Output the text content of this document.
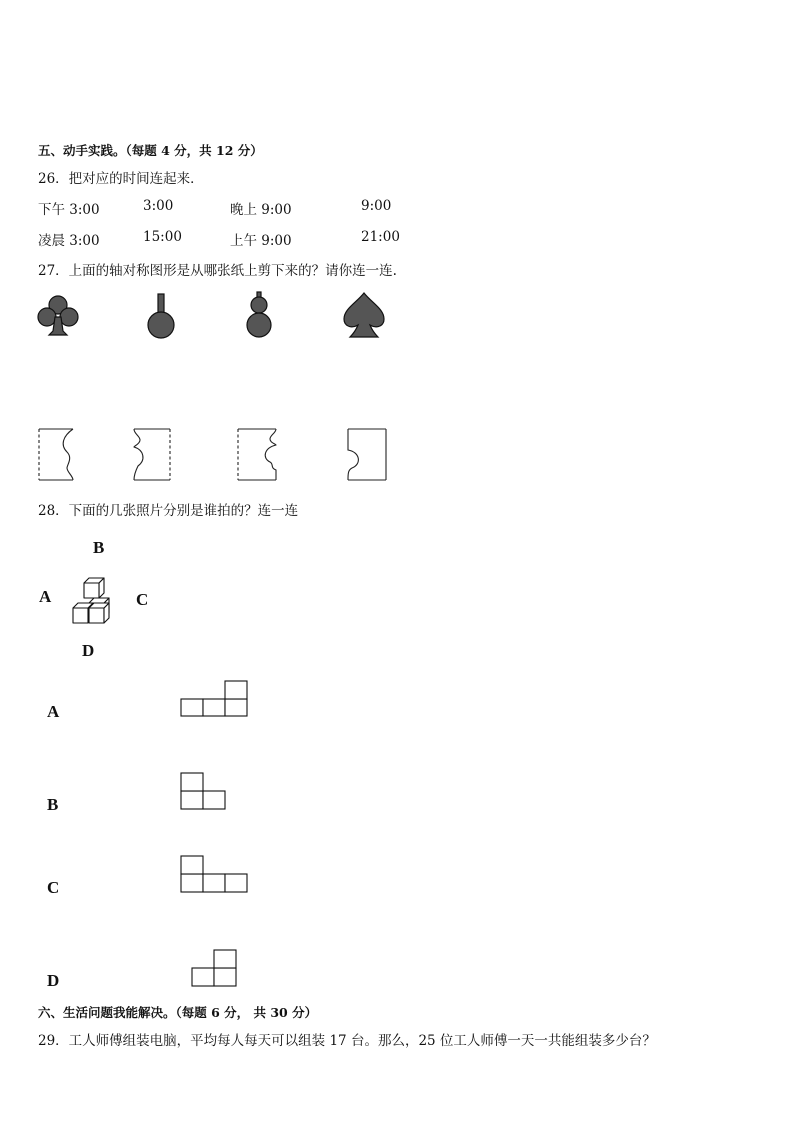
五、动手实践。（每题 4 分，共 12 分）
26．把对应的时间连起来．
下午 3:00	3:00	晚上 9:00	9:00
凌晨 3:00	15:00	上午 9:00	21:00
27．上面的轴对称图形是从哪张纸上剪下来的？请你连一连.
28．下面的几张照片分别是谁拍的？连一连
B
A	C
D
A
B
C
D
六、生活问题我能解决。（每题 6 分， 共 30 分）
29．工人师傅组装电脑，平均每人每天可以组装 17 台。那么，25 位工人师傅一天一共能组装多少台？
